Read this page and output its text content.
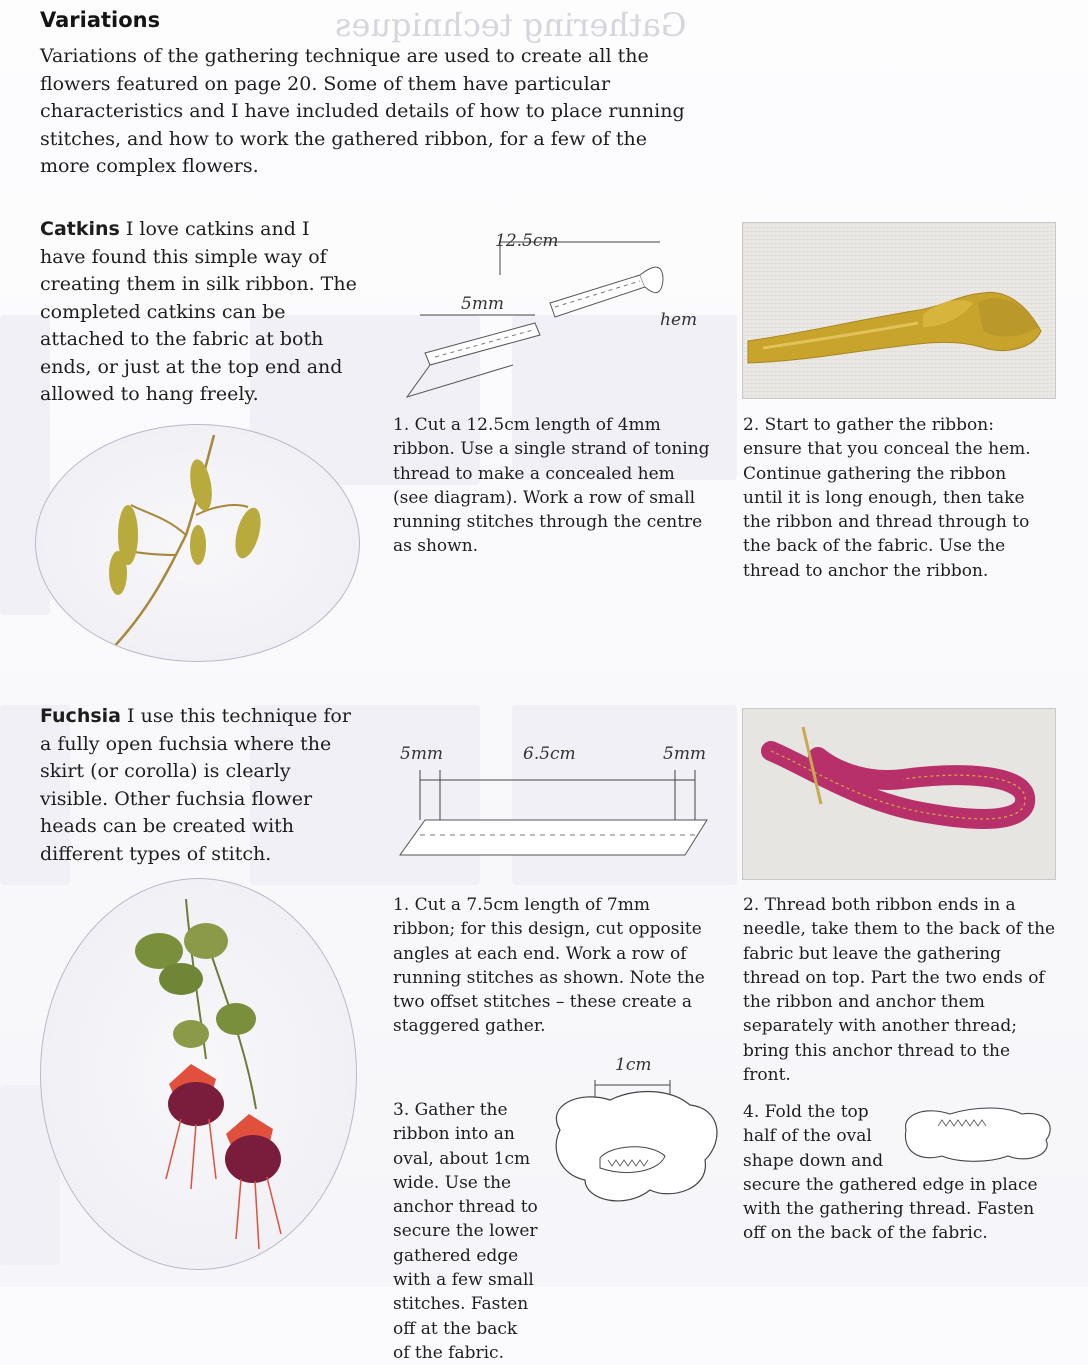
Gathering techniques
Variations
Variations of the gathering technique are used to create all the flowers featured on page 20. Some of them have particular characteristics and I have included details of how to place running stitches, and how to work the gathered ribbon, for a few of the more complex flowers.
Catkins I love catkins and I have found this simple way of creating them in silk ribbon. The completed catkins can be attached to the fabric at both ends, or just at the top end and allowed to hang freely.
12.5cm
5mm
hem
1. Cut a 12.5cm length of 4mm ribbon. Use a single strand of toning thread to make a concealed hem (see diagram). Work a row of small running stitches through the centre as shown.
2. Start to gather the ribbon: ensure that you conceal the hem. Continue gathering the ribbon until it is long enough, then take the ribbon and thread through to the back of the fabric. Use the thread to anchor the ribbon.
Fuchsia I use this technique for a fully open fuchsia where the skirt (or corolla) is clearly visible. Other fuchsia flower heads can be created with different types of stitch.
5mm	6.5cm	5mm
1. Cut a 7.5cm length of 7mm ribbon; for this design, cut opposite angles at each end. Work a row of running stitches as shown. Note the two offset stitches – these create a staggered gather.
2. Thread both ribbon ends in a needle, take them to the back of the fabric but leave the gathering thread on top. Part the two ends of the ribbon and anchor them separately with another thread; bring this anchor thread to the front.
3. Gather the ribbon into an oval, about 1cm wide. Use the anchor thread to secure the lower gathered edge with a few small stitches. Fasten off at the back of the fabric.
1cm
4. Fold the top half of the oval shape down and secure the gathered edge in place with the gathering thread. Fasten off on the back of the fabric.
